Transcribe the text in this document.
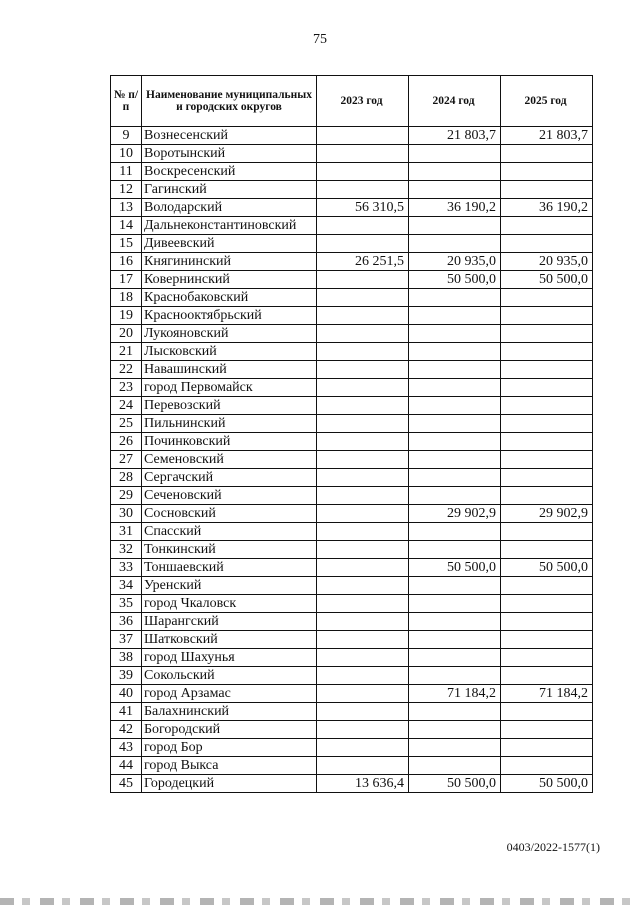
75
№ п/п	Наименование муниципальных и городских округов	2023 год	2024 год	2025 год
9	Вознесенский		21 803,7	21 803,7
10	Воротынский			
11	Воскресенский			
12	Гагинский			
13	Володарский	56 310,5	36 190,2	36 190,2
14	Дальнеконстантиновский			
15	Дивеевский			
16	Княгининский	26 251,5	20 935,0	20 935,0
17	Ковернинский		50 500,0	50 500,0
18	Краснобаковский			
19	Краснооктябрьский			
20	Лукояновский			
21	Лысковский			
22	Навашинский			
23	город Первомайск			
24	Перевозский			
25	Пильнинский			
26	Починковский			
27	Семеновский			
28	Сергачский			
29	Сеченовский			
30	Сосновский		29 902,9	29 902,9
31	Спасский			
32	Тонкинский			
33	Тоншаевский		50 500,0	50 500,0
34	Уренский			
35	город Чкаловск			
36	Шарангский			
37	Шатковский			
38	город Шахунья			
39	Сокольский			
40	город Арзамас		71 184,2	71 184,2
41	Балахнинский			
42	Богородский			
43	город Бор			
44	город Выкса			
45	Городецкий	13 636,4	50 500,0	50 500,0
0403/2022-1577(1)
